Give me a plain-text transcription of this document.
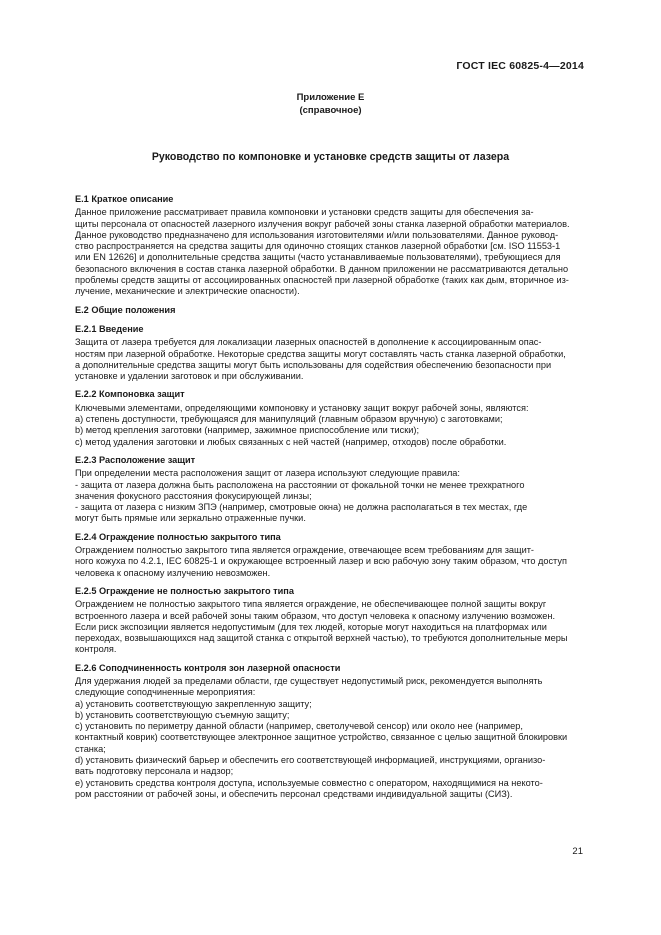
ГОСТ IEC 60825-4—2014
Приложение Е
(справочное)
Руководство по компоновке и установке средств защиты от лазера
Е.1 Краткое описание

Данное приложение рассматривает правила компоновки и установки средств защиты для обеспечения за-

щиты персонала от опасностей лазерного излучения вокруг рабочей зоны станка лазерной обработки материалов.

Данное руководство предназначено для использования изготовителями и/или пользователями. Данное руковод-

ство распространяется на средства защиты для одиночно стоящих станков лазерной обработки [см. ISO 11553-1

или EN 12626] и дополнительные средства защиты (часто устанавливаемые пользователями), требующиеся для

безопасного включения в состав станка лазерной обработки. В данном приложении не рассматриваются детально

проблемы средств защиты от ассоциированных опасностей при лазерной обработке (таких как дым, вторичное из-

лучение, механические и электрические опасности).

Е.2 Общие положения
Е.2.1 Введение

Защита от лазера требуется для локализации лазерных опасностей в дополнение к ассоциированным опас-

ностям при лазерной обработке. Некоторые средства защиты могут составлять часть станка лазерной обработки,

а дополнительные средства защиты могут быть использованы для содействия обеспечению безопасности при

установке и удалении заготовок и при обслуживании.

Е.2.2 Компоновка защит

Ключевыми элементами, определяющими компоновку и установку защит вокруг рабочей зоны, являются:

а) степень доступности, требующаяся для манипуляций (главным образом вручную) с заготовками;

b) метод крепления заготовки (например, зажимное приспособление или тиски);

с) метод удаления заготовки и любых связанных с ней частей (например, отходов) после обработки.

Е.2.3 Расположение защит

При определении места расположения защит от лазера используют следующие правила:

- защита от лазера должна быть расположена на расстоянии от фокальной точки не менее трехкратного

значения фокусного расстояния фокусирующей линзы;

- защита от лазера с низким ЗПЭ (например, смотровые окна) не должна располагаться в тех местах, где

могут быть прямые или зеркально отраженные пучки.

Е.2.4 Ограждение полностью закрытого типа

Ограждением полностью закрытого типа является ограждение, отвечающее всем требованиям для защит-

ного кожуха по 4.2.1, IEC 60825-1 и окружающее встроенный лазер и всю рабочую зону таким образом, что доступ

человека к опасному излучению невозможен.

Е.2.5 Ограждение не полностью закрытого типа

Ограждением не полностью закрытого типа является ограждение, не обеспечивающее полной защиты вокруг

встроенного лазера и всей рабочей зоны таким образом, что доступ человека к опасному излучению возможен.

Если риск экспозиции является недопустимым (для тех людей, которые могут находиться на платформах или

переходах, возвышающихся над защитой станка с открытой верхней частью), то требуются дополнительные меры

контроля.

Е.2.6 Соподчиненность контроля зон лазерной опасности

Для удержания людей за пределами области, где существует недопустимый риск, рекомендуется выполнять

следующие соподчиненные мероприятия:

а) установить соответствующую закрепленную защиту;

b) установить соответствующую съемную защиту;

с) установить по периметру данной области (например, светолучевой сенсор) или около нее (например,

контактный коврик) соответствующее электронное защитное устройство, связанное с целью защитной блокировки

станка;

d) установить физический барьер и обеспечить его соответствующей информацией, инструкциями, организо-

вать подготовку персонала и надзор;

е) установить средства контроля доступа, используемые совместно с оператором, находящимися на некото-

ром расстоянии от рабочей зоны, и обеспечить персонал средствами индивидуальной защиты (СИЗ).

21
